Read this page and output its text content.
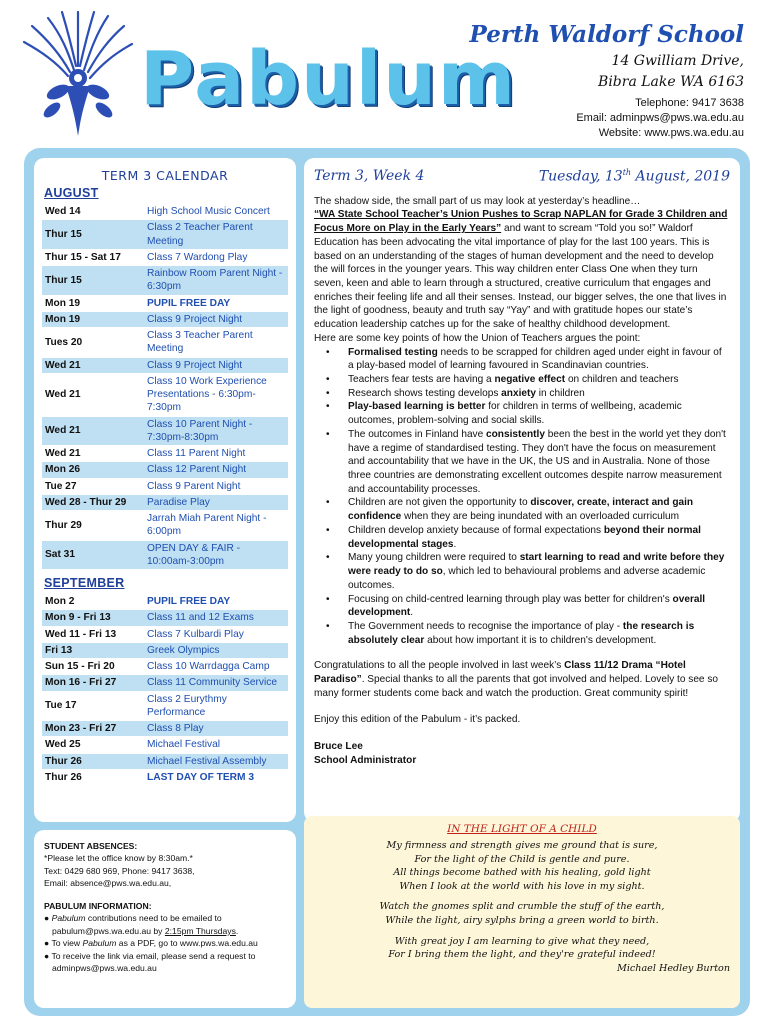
Pabulum
Perth Waldorf School
14 Gwilliam Drive,
Bibra Lake WA 6163
Telephone: 9417 3638
Email: adminpws@pws.wa.edu.au
Website: www.pws.wa.edu.au
TERM 3 CALENDAR
AUGUST
Wed 14	High School Music Concert
Thur 15	Class 2 Teacher Parent Meeting
Thur 15 - Sat 17	Class 7 Wardong Play
Thur 15	Rainbow Room Parent Night - 6:30pm
Mon 19	PUPIL FREE DAY
Mon 19	Class 9 Project Night
Tues 20	Class 3 Teacher Parent Meeting
Wed 21	Class 9 Project Night
Wed 21	Class 10 Work Experience Presentations - 6:30pm-7:30pm
Wed 21	Class 10 Parent Night - 7:30pm-8:30pm
Wed 21	Class 11 Parent Night
Mon 26	Class 12 Parent Night
Tue 27	Class 9 Parent Night
Wed 28 - Thur 29	Paradise Play
Thur 29	Jarrah Miah Parent Night - 6:00pm
Sat 31	OPEN DAY & FAIR - 10:00am-3:00pm
SEPTEMBER
Mon 2	PUPIL FREE DAY
Mon 9 - Fri 13	Class 11 and 12 Exams
Wed 11 - Fri 13	Class 7 Kulbardi Play
Fri 13	Greek Olympics
Sun 15 - Fri 20	Class 10 Warrdagga Camp
Mon 16 - Fri 27	Class 11 Community Service
Tue 17	Class 2 Eurythmy Performance
Mon 23 - Fri 27	Class 8 Play
Wed 25	Michael Festival
Thur 26	Michael Festival Assembly
Thur 26	LAST DAY OF TERM 3
STUDENT ABSENCES:
*Please let the office know by 8:30am.*
Text: 0429 680 969, Phone: 9417 3638,
Email: absence@pws.wa.edu.au,
PABULUM INFORMATION:
● Pabulum contributions need to be emailed to pabulum@pws.wa.edu.au by 2:15pm Thursdays.
● To view Pabulum as a PDF, go to www.pws.wa.edu.au
● To receive the link via email, please send a request to adminpws@pws.wa.edu.au
Term 3, Week 4	Tuesday, 13th August, 2019

The shadow side, the small part of us may look at yesterday’s headline…
“WA State School Teacher’s Union Pushes to Scrap NAPLAN for Grade 3 Children and Focus More on Play in the Early Years” and want to scream “Told you so!” Waldorf Education has been advocating the vital importance of play for the last 100 years. This is based on an understanding of the stages of human development and the need to develop the will forces in the younger years. This way children enter Class One when they turn seven, keen and able to learn through a structured, creative curriculum that engages and enriches their feeling life and all their senses. Instead, our bigger selves, the one that lives in the light of goodness, beauty and truth say “Yay” and with gratitude hopes our state’s education leadership catches up for the sake of healthy childhood development.

Here are some key points of how the Union of Teachers argues the point:

• Formalised testing needs to be scrapped for children aged under eight in favour of a play-based model of learning favoured in Scandinavian countries.
• Teachers fear tests are having a negative effect on children and teachers
• Research shows testing develops anxiety in children
• Play-based learning is better for children in terms of wellbeing, academic outcomes, problem-solving and social skills.
• The outcomes in Finland have consistently been the best in the world yet they don't have a regime of standardised testing. They don't have the focus on measurement and accountability that we have in the UK, the US and in Australia. None of those three countries are demonstrating excellent outcomes despite narrow measurement and accountability processes.
• Children are not given the opportunity to discover, create, interact and gain confidence when they are being inundated with an overloaded curriculum
• Children develop anxiety because of formal expectations beyond their normal developmental stages.
• Many young children were required to start learning to read and write before they were ready to do so, which led to behavioural problems and adverse academic outcomes.
• Focusing on child-centred learning through play was better for children's overall development.
• The Government needs to recognise the importance of play - the research is absolutely clear about how important it is to children's development.

Congratulations to all the people involved in last week’s Class 11/12 Drama “Hotel Paradiso”. Special thanks to all the parents that got involved and helped. Lovely to see so many former students come back and watch the production. Great community spirit!

Enjoy this edition of the Pabulum - it’s packed.

Bruce Lee
School Administrator
IN THE LIGHT OF A CHILD
My firmness and strength gives me ground that is sure,
For the light of the Child is gentle and pure.
All things become bathed with his healing, gold light
When I look at the world with his love in my sight.
Watch the gnomes split and crumble the stuff of the earth,
While the light, airy sylphs bring a green world to birth.
With great joy I am learning to give what they need,
For I bring them the light, and they're grateful indeed!
Michael Hedley Burton
